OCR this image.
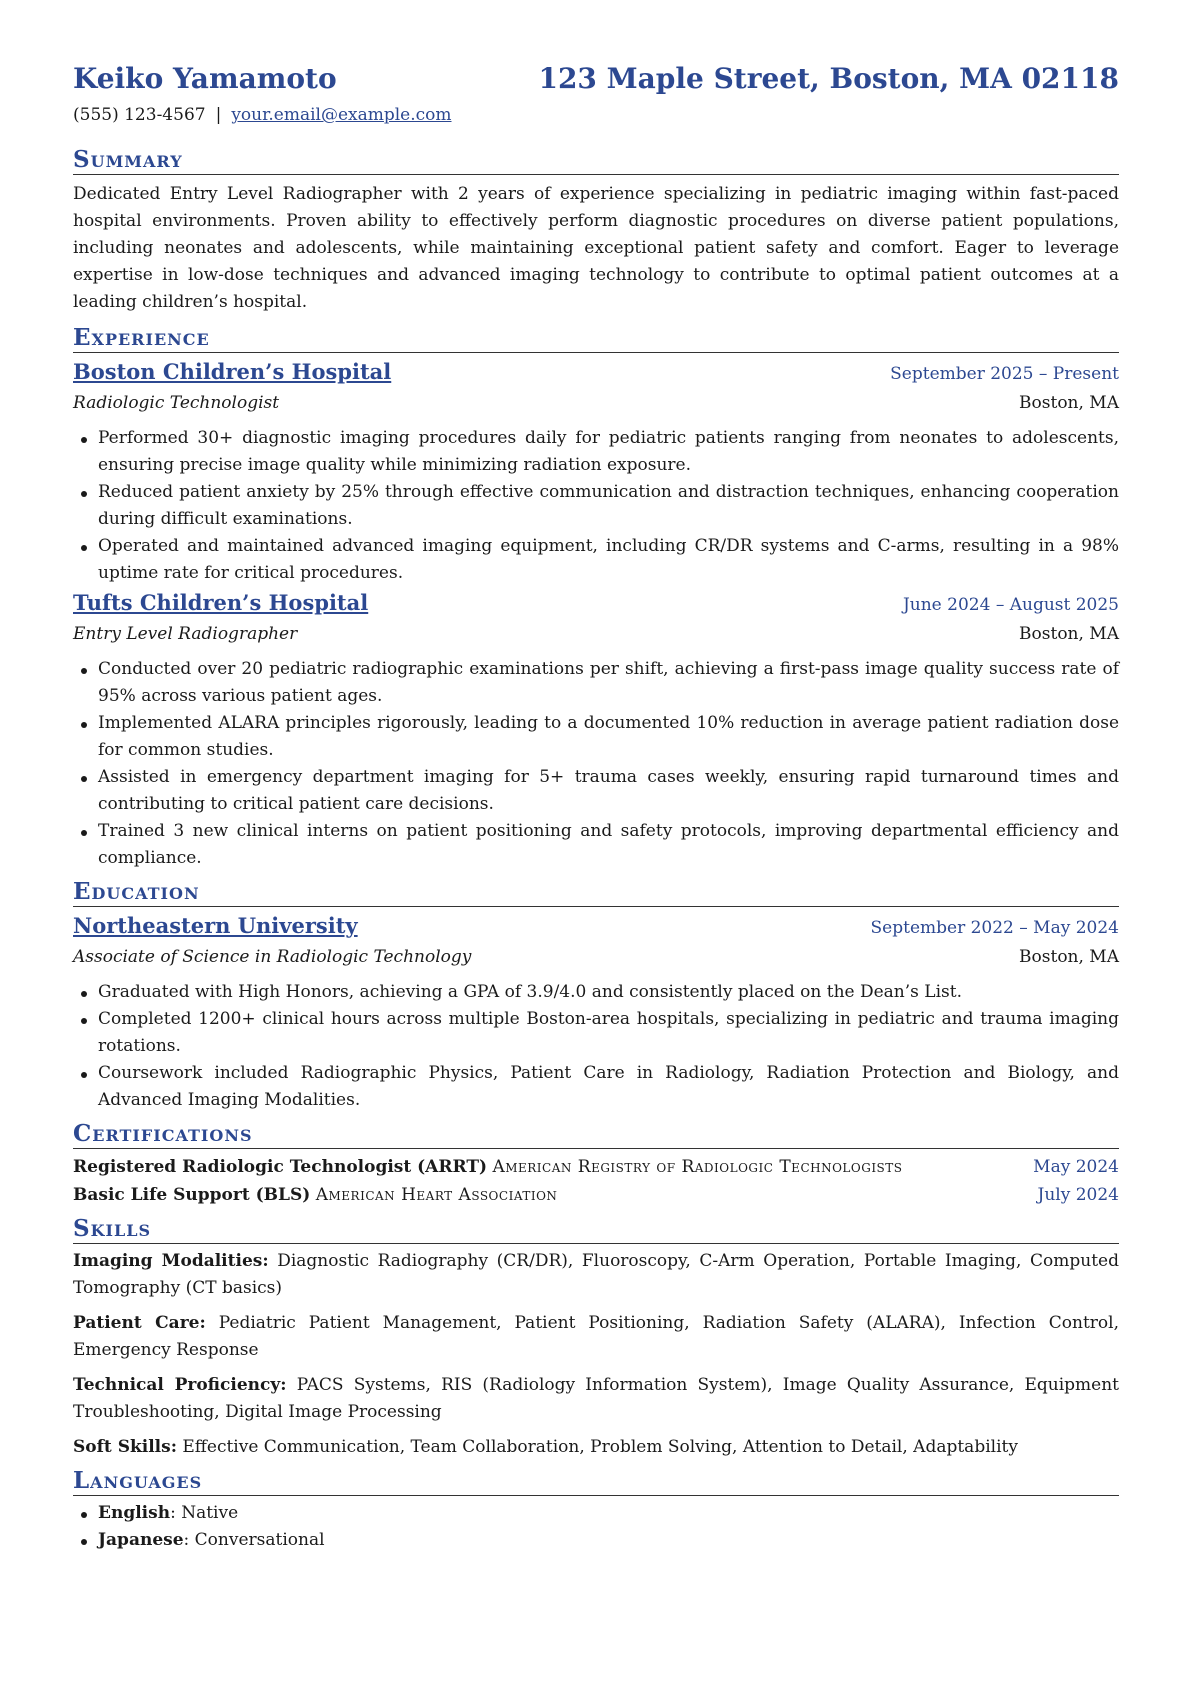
Keiko Yamamoto	123 Maple Street, Boston, MA 02118
(555) 123-4567 | your.email@example.com
Summary

Dedicated Entry Level Radiographer with 2 years of experience specializing in pediatric imaging within fast-paced hospital environments. Proven ability to effectively perform diagnostic procedures on diverse patient populations, including neonates and adolescents, while maintaining exceptional patient safety and comfort. Eager to leverage expertise in low-dose techniques and advanced imaging technology to contribute to optimal patient outcomes at a leading children’s hospital.

Experience
Boston Children’s Hospital	September 2025 – Present
Radiologic Technologist	Boston, MA
Performed 30+ diagnostic imaging procedures daily for pediatric patients ranging from neonates to adolescents, ensuring precise image quality while minimizing radiation exposure.
Reduced patient anxiety by 25% through effective communication and distraction techniques, enhancing cooperation during difficult examinations.
Operated and maintained advanced imaging equipment, including CR/DR systems and C-arms, resulting in a 98% uptime rate for critical procedures.
Tufts Children’s Hospital	June 2024 – August 2025
Entry Level Radiographer	Boston, MA
Conducted over 20 pediatric radiographic examinations per shift, achieving a first-pass image quality success rate of 95% across various patient ages.
Implemented ALARA principles rigorously, leading to a documented 10% reduction in average patient radiation dose for common studies.
Assisted in emergency department imaging for 5+ trauma cases weekly, ensuring rapid turnaround times and contributing to critical patient care decisions.
Trained 3 new clinical interns on patient positioning and safety protocols, improving departmental efficiency and compliance.
Education
Northeastern University	September 2022 – May 2024
Associate of Science in Radiologic Technology	Boston, MA
Graduated with High Honors, achieving a GPA of 3.9/4.0 and consistently placed on the Dean’s List.
Completed 1200+ clinical hours across multiple Boston-area hospitals, specializing in pediatric and trauma imaging rotations.
Coursework included Radiographic Physics, Patient Care in Radiology, Radiation Protection and Biology, and Advanced Imaging Modalities.
Certifications
Registered Radiologic Technologist (ARRT) American Registry of Radiologic Technologists	May 2024
Basic Life Support (BLS) American Heart Association	July 2024
Skills

Imaging Modalities: Diagnostic Radiography (CR/DR), Fluoroscopy, C-Arm Operation, Portable Imaging, Computed Tomography (CT basics)

Patient Care: Pediatric Patient Management, Patient Positioning, Radiation Safety (ALARA), Infection Control, Emergency Response

Technical Proficiency: PACS Systems, RIS (Radiology Information System), Image Quality Assurance, Equipment Troubleshooting, Digital Image Processing

Soft Skills: Effective Communication, Team Collaboration, Problem Solving, Attention to Detail, Adaptability

Languages
English: Native
Japanese: Conversational
